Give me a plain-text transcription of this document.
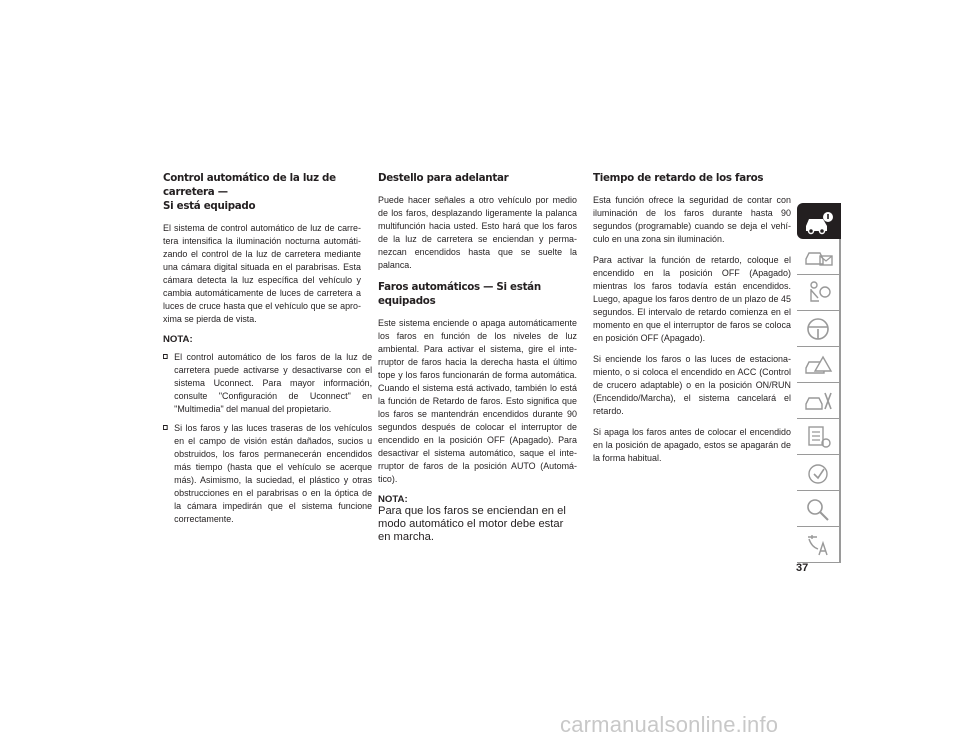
Control automático de la luz de carretera —
Si está equipado

El sistema de control automático de luz de carre-tera intensifica la iluminación nocturna automáti-zando el control de la luz de carretera mediante una cámara digital situada en el parabrisas. Esta cámara detecta la luz específica del vehículo y cambia automáticamente de luces de carretera a luces de cruce hasta que el vehículo que se apro-xima se pierda de vista.

NOTA:
El control automático de los faros de la luz de carretera puede activarse y desactivarse con el sistema Uconnect. Para mayor información, consulte "Configuración de Uconnect" en "Multimedia" del manual del propietario.
Si los faros y las luces traseras de los vehículos en el campo de visión están dañados, sucios u obstruidos, los faros permanecerán encendidos más tiempo (hasta que el vehículo se acerque más). Asimismo, la suciedad, el plástico y otras obstrucciones en el parabrisas o en la óptica de la cámara impedirán que el sistema funcione correctamente.
Destello para adelantar

Puede hacer señales a otro vehículo por medio de los faros, desplazando ligeramente la palanca multifunción hacia usted. Esto hará que los faros de la luz de carretera se enciendan y perma-nezcan encendidos hasta que se suelte la palanca.

Faros automáticos — Si están equipados

Este sistema enciende o apaga automáticamente los faros en función de los niveles de luz ambiental. Para activar el sistema, gire el inte-rruptor de faros hacia la derecha hasta el último tope y los faros funcionarán de forma automática. Cuando el sistema está activado, también lo está la función de Retardo de faros. Esto significa que los faros se mantendrán encendidos durante 90 segundos después de colocar el interruptor de encendido en la posición OFF (Apagado). Para desactivar el sistema automático, saque el inte-rruptor de faros de la posición AUTO (Automá-tico).

NOTA:

Para que los faros se enciendan en el modo automático el motor debe estar en marcha.

Tiempo de retardo de los faros

Esta función ofrece la seguridad de contar con iluminación de los faros durante hasta 90 segundos (programable) cuando se deja el vehí-culo en una zona sin iluminación.

Para activar la función de retardo, coloque el encendido en la posición OFF (Apagado) mientras los faros todavía están encendidos. Luego, apague los faros dentro de un plazo de 45 segundos. El intervalo de retardo comienza en el momento en que el interruptor de faros se coloca en posición OFF (Apagado).

Si enciende los faros o las luces de estaciona-miento, o si coloca el encendido en ACC (Control de crucero adaptable) o en la posición ON/RUN (Encendido/Marcha), el sistema cancelará el retardo.

Si apaga los faros antes de colocar el encendido en la posición de apagado, estos se apagarán de la forma habitual.

37
carmanualsonline.info
